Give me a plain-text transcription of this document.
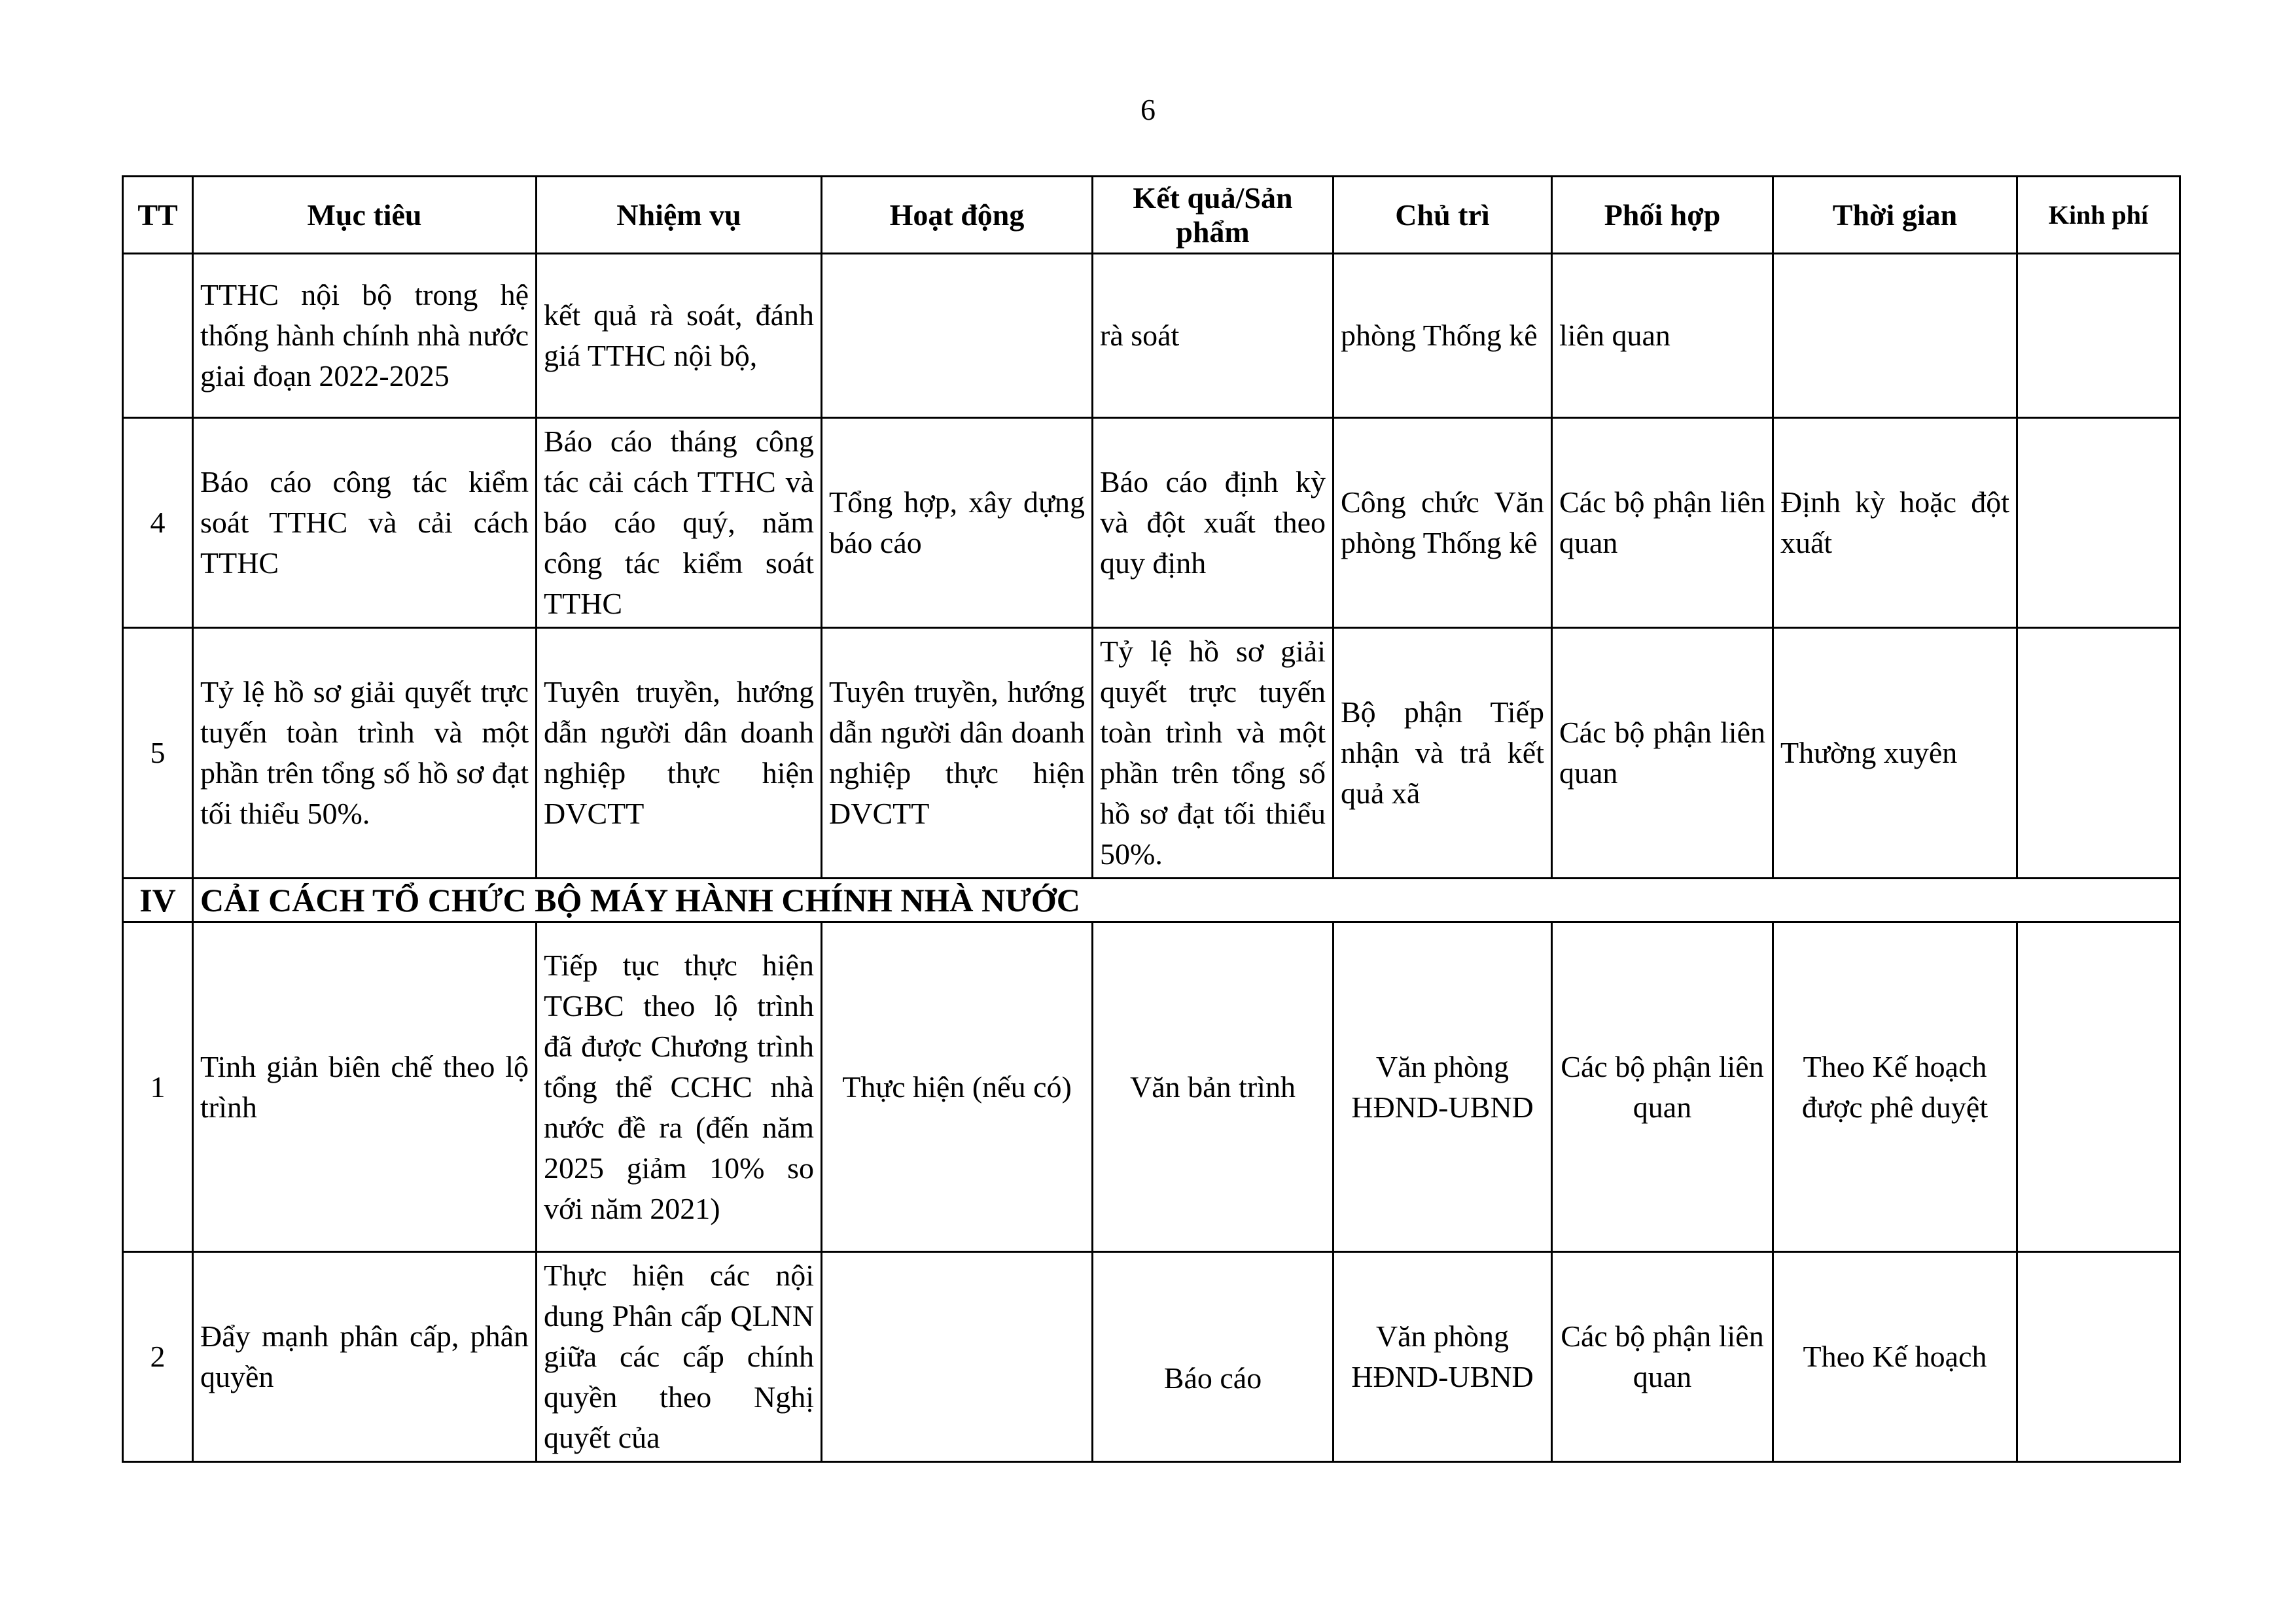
6
TT	Mục tiêu	Nhiệm vụ	Hoạt động	Kết quả/Sản phẩm	Chủ trì	Phối hợp	Thời gian	Kinh phí
	TTHC nội bộ trong hệ thống hành chính nhà nước giai đoạn 2022-2025	kết quả rà soát, đánh giá TTHC nội bộ,		rà soát	phòng Thống kê	liên quan		
4	Báo cáo công tác kiểm soát TTHC và cải cách TTHC	Báo cáo tháng công tác cải cách TTHC và báo cáo quý, năm công tác kiểm soát TTHC	Tổng hợp, xây dựng báo cáo	Báo cáo định kỳ và đột xuất theo quy định	Công chức Văn phòng Thống kê	Các bộ phận liên quan	Định kỳ hoặc đột xuất	
5	Tỷ lệ hồ sơ giải quyết trực tuyến toàn trình và một phần trên tổng số hồ sơ đạt tối thiểu 50%.	Tuyên truyền, hướng dẫn người dân doanh nghiệp thực hiện DVCTT	Tuyên truyền, hướng dẫn người dân doanh nghiệp thực hiện DVCTT	Tỷ lệ hồ sơ giải quyết trực tuyến toàn trình và một phần trên tổng số hồ sơ đạt tối thiểu 50%.	Bộ phận Tiếp nhận và trả kết quả xã	Các bộ phận liên quan	Thường xuyên	
IV	CẢI CÁCH TỔ CHỨC BỘ MÁY HÀNH CHÍNH NHÀ NƯỚC							
1	Tinh giản biên chế theo lộ trình	Tiếp tục thực hiện TGBC theo lộ trình đã được Chương trình tổng thể CCHC nhà nước đề ra (đến năm 2025 giảm 10% so với năm 2021)	Thực hiện (nếu có)	Văn bản trình	Văn phòng HĐND-UBND	Các bộ phận liên quan	Theo Kế hoạch được phê duyệt	
2	Đẩy mạnh phân cấp, phân quyền	Thực hiện các nội dung Phân cấp QLNN giữa các cấp chính quyền theo Nghị quyết của		Báo cáo	Văn phòng HĐND-UBND	Các bộ phận liên quan	Theo Kế hoạch	
